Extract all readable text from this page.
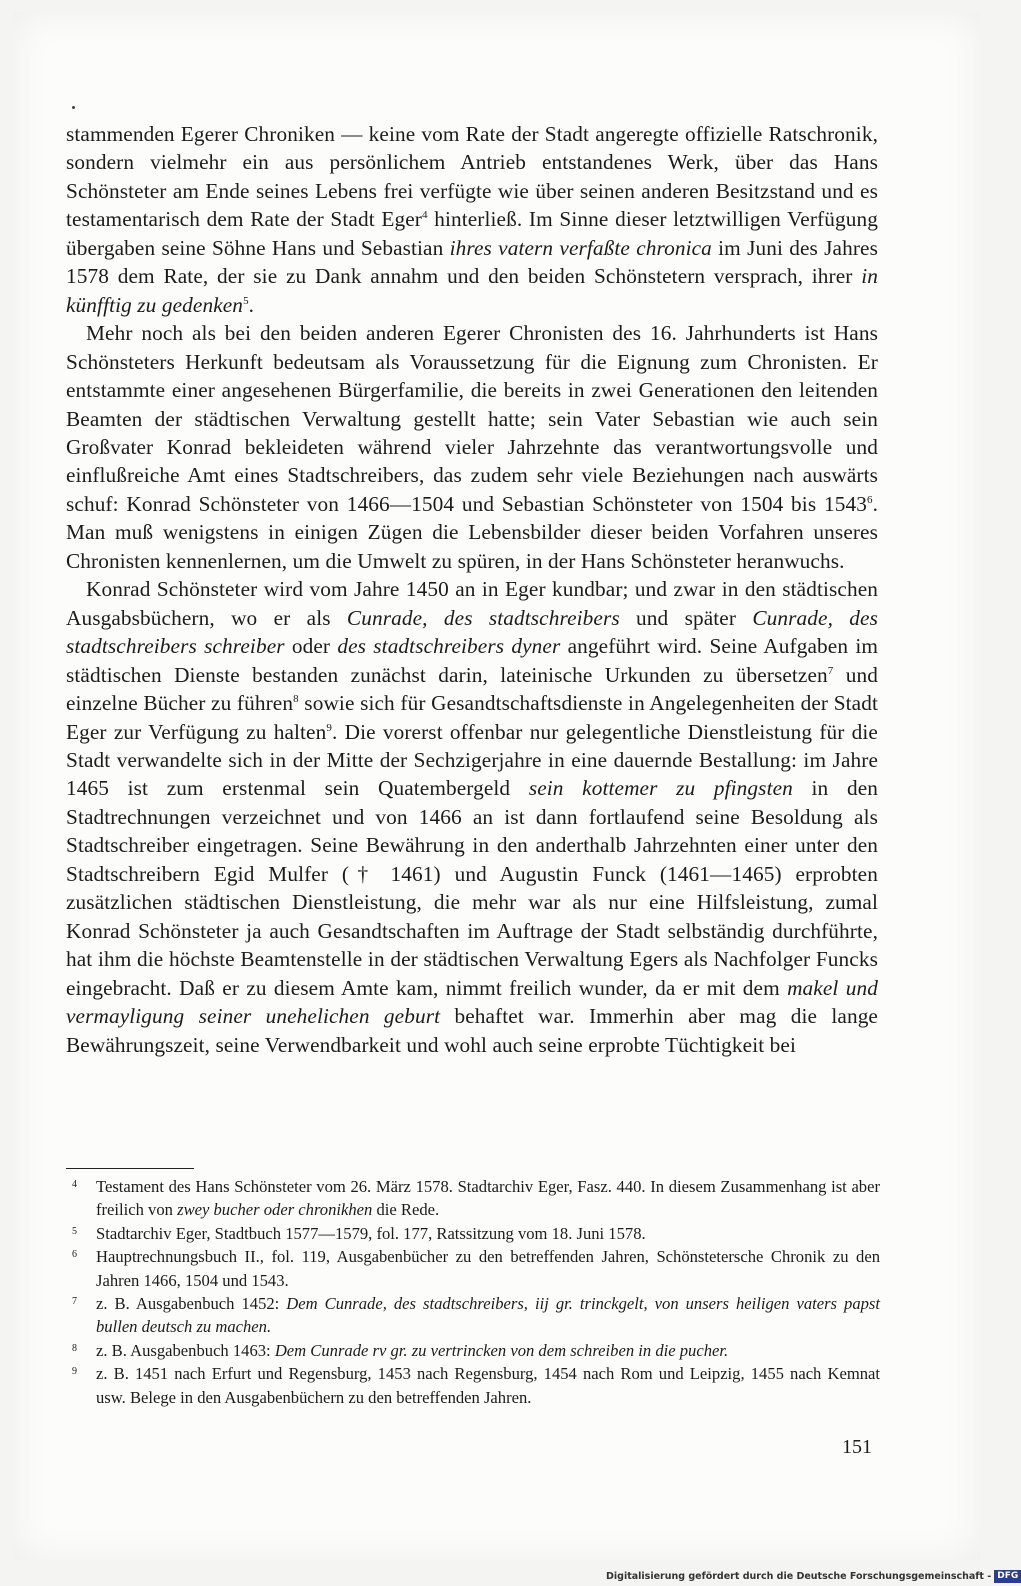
stammenden Egerer Chroniken — keine vom Rate der Stadt angeregte offizielle Ratschronik, sondern vielmehr ein aus persönlichem Antrieb entstandenes Werk, über das Hans Schönsteter am Ende seines Lebens frei verfügte wie über seinen anderen Besitzstand und es testamentarisch dem Rate der Stadt Eger$^4$ hinterließ. Im Sinne dieser letztwilligen Verfügung übergaben seine Söhne Hans und Sebastian ihres vatern verfaßte chronica im Juni des Jahres 1578 dem Rate, der sie zu Dank annahm und den beiden Schönstetern versprach, ihrer in künfftig zu gedenken$^5$.

Mehr noch als bei den beiden anderen Egerer Chronisten des 16. Jahrhunderts ist Hans Schönsteters Herkunft bedeutsam als Voraussetzung für die Eignung zum Chronisten. Er entstammte einer angesehenen Bürgerfamilie, die bereits in zwei Generationen den leitenden Beamten der städtischen Verwaltung gestellt hatte; sein Vater Sebastian wie auch sein Großvater Konrad bekleideten während vieler Jahrzehnte das verantwortungsvolle und einflußreiche Amt eines Stadtschreibers, das zudem sehr viele Beziehungen nach auswärts schuf: Konrad Schönsteter von 1466—1504 und Sebastian Schönsteter von 1504 bis 1543$^6$. Man muß wenigstens in einigen Zügen die Lebensbilder dieser beiden Vorfahren unseres Chronisten kennenlernen, um die Umwelt zu spüren, in der Hans Schönsteter heranwuchs.

Konrad Schönsteter wird vom Jahre 1450 an in Eger kundbar; und zwar in den städtischen Ausgabsbüchern, wo er als Cunrade, des stadtschreibers und später Cunrade, des stadtschreibers schreiber oder des stadtschreibers dyner angeführt wird. Seine Aufgaben im städtischen Dienste bestanden zunächst darin, lateinische Urkunden zu übersetzen$^7$ und einzelne Bücher zu führen$^8$ sowie sich für Gesandtschaftsdienste in Angelegenheiten der Stadt Eger zur Verfügung zu halten$^9$. Die vorerst offenbar nur gelegentliche Dienstleistung für die Stadt verwandelte sich in der Mitte der Sechzigerjahre in eine dauernde Bestallung: im Jahre 1465 ist zum erstenmal sein Quatembergeld sein kottemer zu pfingsten in den Stadtrechnungen verzeichnet und von 1466 an ist dann fortlaufend seine Besoldung als Stadtschreiber eingetragen. Seine Bewährung in den anderthalb Jahrzehnten einer unter den Stadtschreibern Egid Mulfer († 1461) und Augustin Funck (1461—1465) erprobten zusätzlichen städtischen Dienstleistung, die mehr war als nur eine Hilfsleistung, zumal Konrad Schönsteter ja auch Gesandtschaften im Auftrage der Stadt selbständig durchführte, hat ihm die höchste Beamtenstelle in der städtischen Verwaltung Egers als Nachfolger Funcks eingebracht. Daß er zu diesem Amte kam, nimmt freilich wunder, da er mit dem makel und vermayligung seiner unehelichen geburt behaftet war. Immerhin aber mag die lange Bewährungszeit, seine Verwendbarkeit und wohl auch seine erprobte Tüchtigkeit bei

4 Testament des Hans Schönsteter vom 26. März 1578. Stadtarchiv Eger, Fasz. 440. In diesem Zusammenhang ist aber freilich von zwey bucher oder chronikhen die Rede.
5 Stadtarchiv Eger, Stadtbuch 1577—1579, fol. 177, Ratssitzung vom 18. Juni 1578.
6 Hauptrechnungsbuch II., fol. 119, Ausgabenbücher zu den betreffenden Jahren, Schönstetersche Chronik zu den Jahren 1466, 1504 und 1543.
7 z. B. Ausgabenbuch 1452: Dem Cunrade, des stadtschreibers, iij gr. trinckgelt, von unsers heiligen vaters papst bullen deutsch zu machen.
8 z. B. Ausgabenbuch 1463: Dem Cunrade rv gr. zu vertrincken von dem schreiben in die pucher.
9 z. B. 1451 nach Erfurt und Regensburg, 1453 nach Regensburg, 1454 nach Rom und Leipzig, 1455 nach Kemnat usw. Belege in den Ausgabenbüchern zu den betreffenden Jahren.
151
Digitalisierung gefördert durch die Deutsche Forschungsgemeinschaft - DFG
